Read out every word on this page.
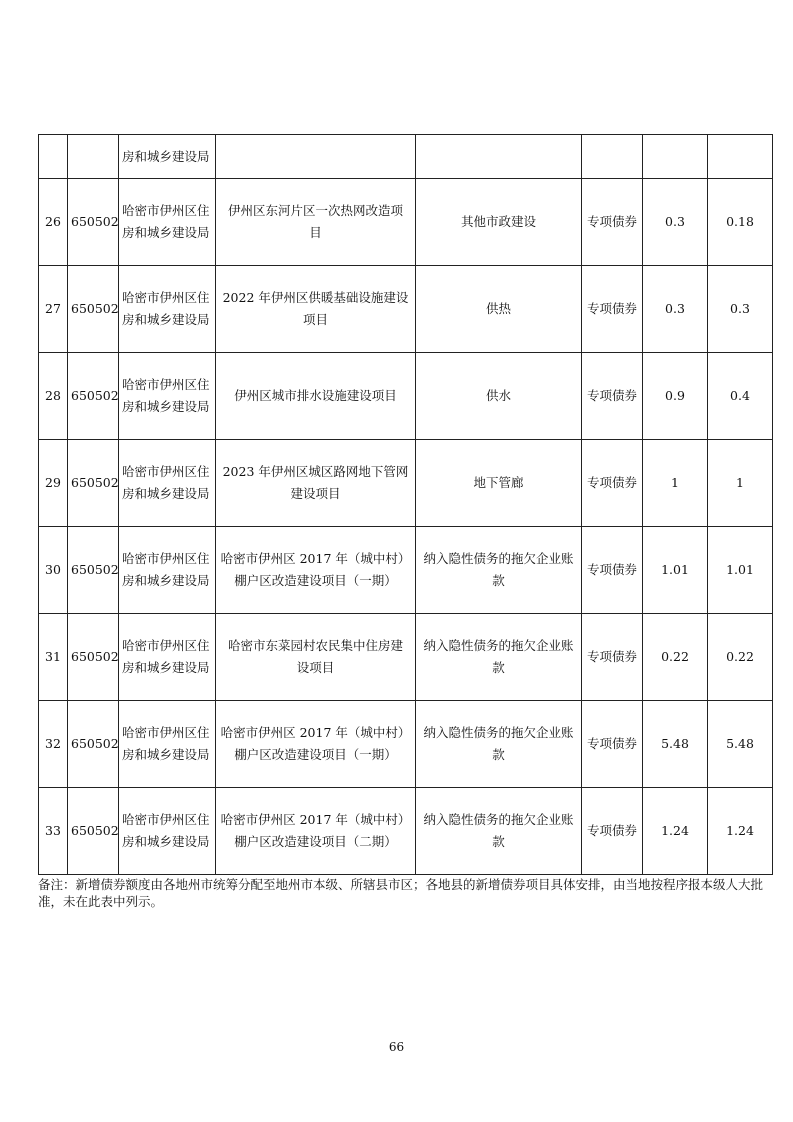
		房和城乡建设局					

26	650502	哈密市伊州区住
房和城乡建设局	伊州区东河片区一次热网改造项
目	其他市政建设	专项债券	0.3	0.18

27	650502	哈密市伊州区住
房和城乡建设局	2022 年伊州区供暖基础设施建设
项目	供热	专项债券	0.3	0.3

28	650502	哈密市伊州区住
房和城乡建设局	伊州区城市排水设施建设项目	供水	专项债券	0.9	0.4

29	650502	哈密市伊州区住
房和城乡建设局	2023 年伊州区城区路网地下管网
建设项目	地下管廊	专项债券	1	1

30	650502	哈密市伊州区住
房和城乡建设局	哈密市伊州区 2017 年（城中村）
棚户区改造建设项目（一期）	纳入隐性债务的拖欠企业账
款	专项债券	1.01	1.01

31	650502	哈密市伊州区住
房和城乡建设局	哈密市东菜园村农民集中住房建
设项目	纳入隐性债务的拖欠企业账
款	专项债券	0.22	0.22

32	650502	哈密市伊州区住
房和城乡建设局	哈密市伊州区 2017 年（城中村）
棚户区改造建设项目（一期）	纳入隐性债务的拖欠企业账
款	专项债券	5.48	5.48

33	650502	哈密市伊州区住
房和城乡建设局	哈密市伊州区 2017 年（城中村）
棚户区改造建设项目（二期）	纳入隐性债务的拖欠企业账
款	专项债券	1.24	1.24
备注：新增债券额度由各地州市统筹分配至地州市本级、所辖县市区；各地县的新增债券项目具体安排，由当地按程序报本级人大批准，未在此表中列示。
66
